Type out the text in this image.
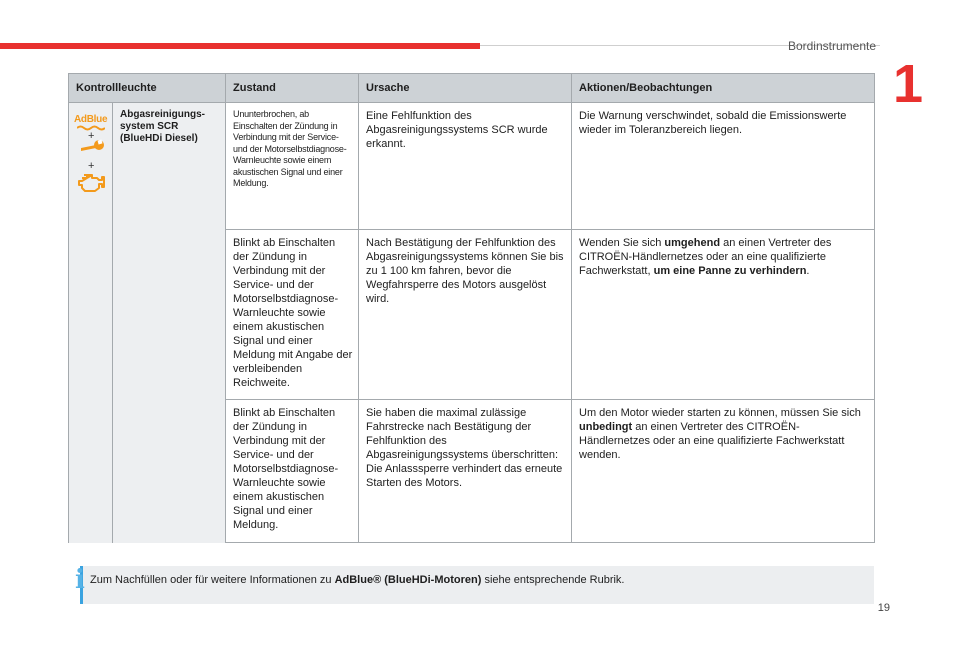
Bordinstrumente
1
Kontrollleuchte		Zustand	Ursache	Aktionen/Beobachtungen

AdBlue
+
+	Abgasreinigungs-system SCR (BlueHDi Diesel)	Ununterbrochen, ab Einschalten der Zündung in Verbindung mit der Service- und der Motorselbstdiagnose-Warnleuchte sowie einem akustischen Signal und einer Meldung.	Eine Fehlfunktion des Abgasreinigungssystems SCR wurde erkannt.	Die Warnung verschwindet, sobald die Emissionswerte wieder im Toleranzbereich liegen.
		Blinkt ab Einschalten der Zündung in Verbindung mit der Service- und der Motorselbstdiagnose-Warnleuchte sowie einem akustischen Signal und einer Meldung mit Angabe der verbleibenden Reichweite.	Nach Bestätigung der Fehlfunktion des Abgasreinigungssystems können Sie bis zu 1 100 km fahren, bevor die Wegfahrsperre des Motors ausgelöst wird.	Wenden Sie sich umgehend an einen Vertreter des CITROËN-Händlernetzes oder an eine qualifizierte Fachwerkstatt, um eine Panne zu verhindern.
		Blinkt ab Einschalten der Zündung in Verbindung mit der Service- und der Motorselbstdiagnose-Warnleuchte sowie einem akustischen Signal und einer Meldung.	Sie haben die maximal zulässige Fahrstrecke nach Bestätigung der Fehlfunktion des Abgasreinigungssystems überschritten: Die Anlasssperre verhindert das erneute Starten des Motors.	Um den Motor wieder starten zu können, müssen Sie sich unbedingt an einen Vertreter des CITROËN-Händlernetzes oder an eine qualifizierte Fachwerkstatt wenden.
Zum Nachfüllen oder für weitere Informationen zu AdBlue® (BlueHDi-Motoren) siehe entsprechende Rubrik.
i
19
